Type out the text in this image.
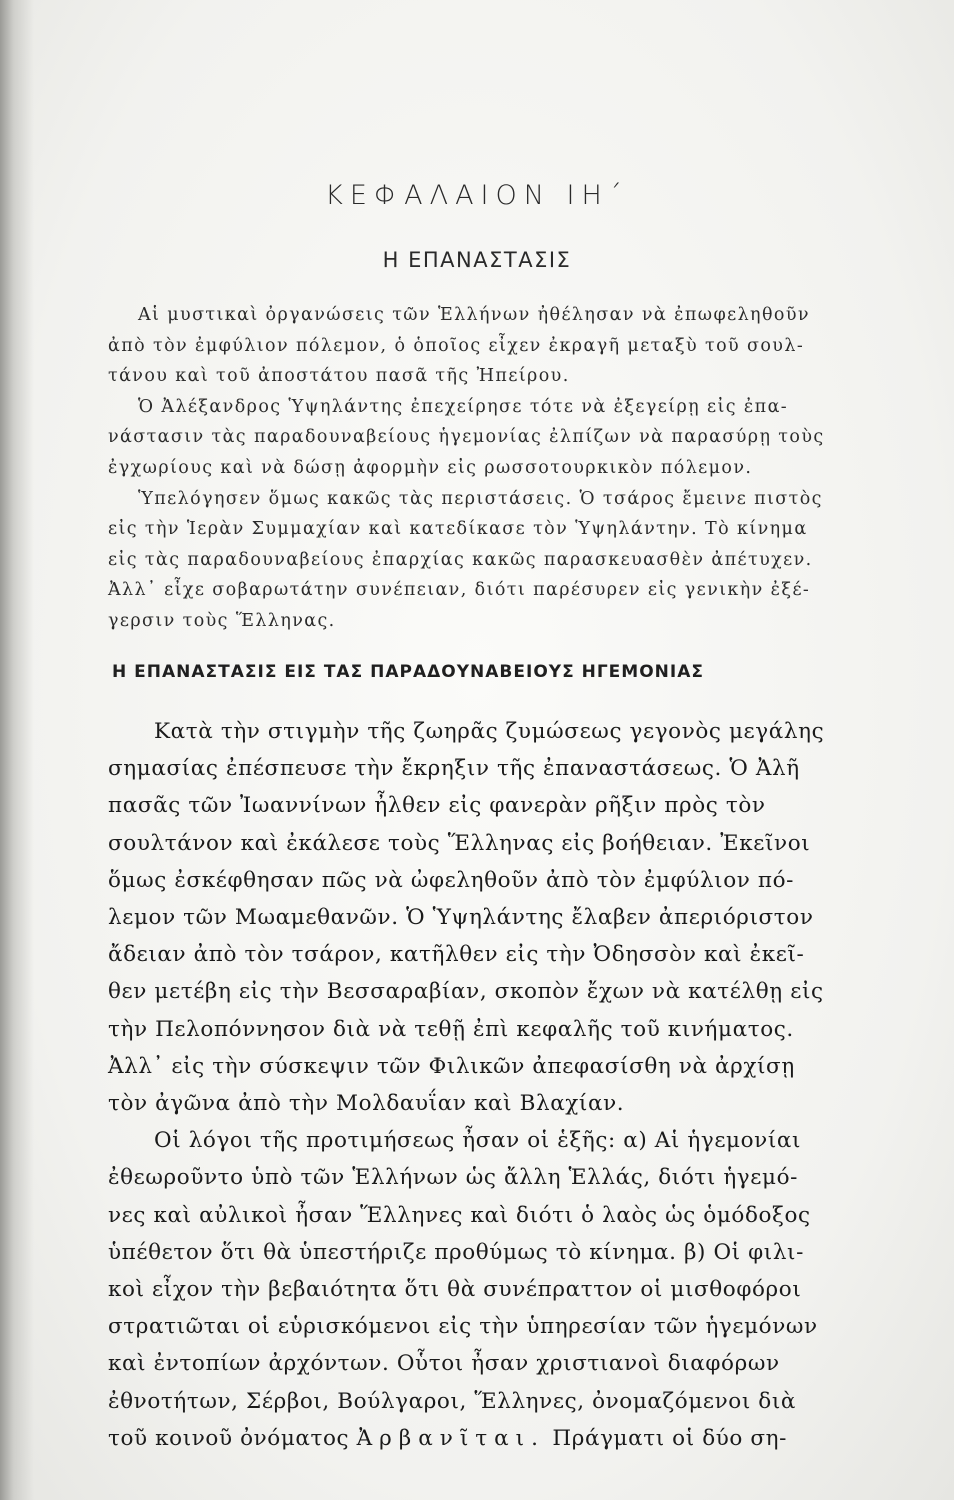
ΚΕΦΑΛΑΙΟΝ ΙΗ΄
Η ΕΠΑΝΑΣΤΑΣΙΣ
Αἱ μυστικαὶ ὀργανώσεις τῶν Ἑλλήνων ἠθέλησαν νὰ ἐπωφεληθοῦν
ἀπὸ τὸν ἐμφύλιον πόλεμον, ὁ ὁποῖος εἶχεν ἐκραγῆ μεταξὺ τοῦ σουλ-
τάνου καὶ τοῦ ἀποστάτου πασᾶ τῆς Ἠπείρου.
Ὁ Ἀλέξανδρος Ὑψηλάντης ἐπεχείρησε τότε νὰ ἐξεγείρῃ εἰς ἐπα-
νάστασιν τὰς παραδουναβείους ἡγεμονίας ἐλπίζων νὰ παρασύρῃ τοὺς
ἐγχωρίους καὶ νὰ δώσῃ ἀφορμὴν εἰς ρωσσοτουρκικὸν πόλεμον.
Ὑπελόγησεν ὅμως κακῶς τὰς περιστάσεις. Ὁ τσάρος ἔμεινε πιστὸς
εἰς τὴν Ἱερὰν Συμμαχίαν καὶ κατεδίκασε τὸν Ὑψηλάντην. Τὸ κίνημα
εἰς τὰς παραδουναβείους ἐπαρχίας κακῶς παρασκευασθὲν ἀπέτυχεν.
Ἀλλ᾿ εἶχε σοβαρωτάτην συνέπειαν, διότι παρέσυρεν εἰς γενικὴν ἐξέ-
γερσιν τοὺς Ἕλληνας.
Η ΕΠΑΝΑΣΤΑΣΙΣ ΕΙΣ ΤΑΣ ΠΑΡΑΔΟΥΝΑΒΕΙΟΥΣ ΗΓΕΜΟΝΙΑΣ
Κατὰ τὴν στιγμὴν τῆς ζωηρᾶς ζυμώσεως γεγονὸς μεγάλης
σημασίας ἐπέσπευσε τὴν ἔκρηξιν τῆς ἐπαναστάσεως. Ὁ Ἀλῆ
πασᾶς τῶν Ἰωαννίνων ἦλθεν εἰς φανερὰν ρῆξιν πρὸς τὸν
σουλτάνον καὶ ἐκάλεσε τοὺς Ἕλληνας εἰς βοήθειαν. Ἐκεῖνοι
ὅμως ἐσκέφθησαν πῶς νὰ ὠφεληθοῦν ἀπὸ τὸν ἐμφύλιον πό-
λεμον τῶν Μωαμεθανῶν. Ὁ Ὑψηλάντης ἔλαβεν ἀπεριόριστον
ἄδειαν ἀπὸ τὸν τσάρον, κατῆλθεν εἰς τὴν Ὀδησσὸν καὶ ἐκεῖ-
θεν μετέβη εἰς τὴν Βεσσαραβίαν, σκοπὸν ἔχων νὰ κατέλθῃ εἰς
τὴν Πελοπόννησον διὰ νὰ τεθῇ ἐπὶ κεφαλῆς τοῦ κινήματος.
Ἀλλ᾿ εἰς τὴν σύσκεψιν τῶν Φιλικῶν ἀπεφασίσθη νὰ ἀρχίσῃ
τὸν ἀγῶνα ἀπὸ τὴν Μολδαυΐαν καὶ Βλαχίαν.
Οἱ λόγοι τῆς προτιμήσεως ἦσαν οἱ ἑξῆς: α) Αἱ ἡγεμονίαι
ἐθεωροῦντο ὑπὸ τῶν Ἑλλήνων ὡς ἄλλη Ἑλλάς, διότι ἡγεμό-
νες καὶ αὐλικοὶ ἦσαν Ἕλληνες καὶ διότι ὁ λαὸς ὡς ὁμόδοξος
ὑπέθετον ὅτι θὰ ὑπεστήριζε προθύμως τὸ κίνημα. β) Οἱ φιλι-
κοὶ εἶχον τὴν βεβαιότητα ὅτι θὰ συνέπραττον οἱ μισθοφόροι
στρατιῶται οἱ εὑρισκόμενοι εἰς τὴν ὑπηρεσίαν τῶν ἡγεμόνων
καὶ ἐντοπίων ἀρχόντων. Οὗτοι ἦσαν χριστιανοὶ διαφόρων
ἐθνοτήτων, Σέρβοι, Βούλγαροι, Ἕλληνες, ὀνομαζόμενοι διὰ
τοῦ κοινοῦ ὀνόματος Ἀρβανῖται. Πράγματι οἱ δύο ση-
